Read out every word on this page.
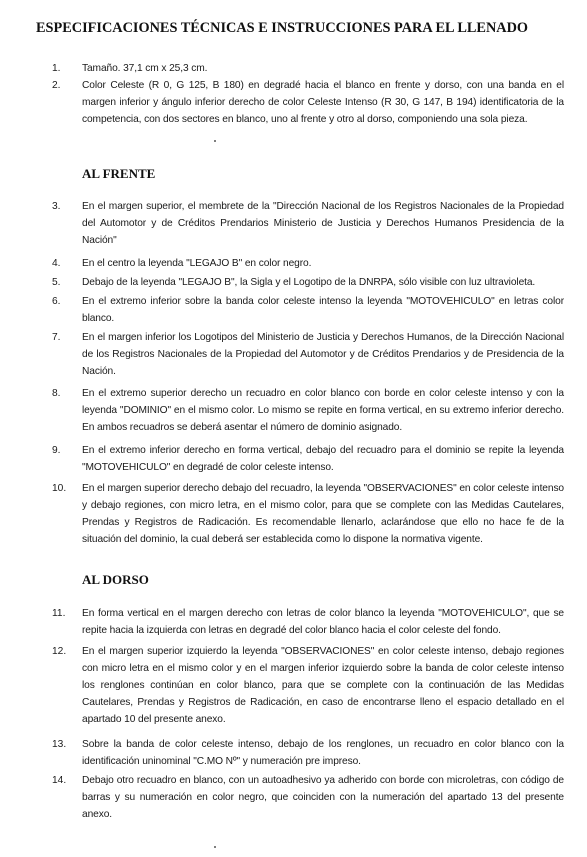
ESPECIFICACIONES TÉCNICAS E INSTRUCCIONES PARA EL LLENADO
1.	Tamaño. 37,1 cm x 25,3 cm.
2.	Color Celeste (R 0, G 125, B 180) en degradé hacia el blanco en frente y dorso, con una banda en el margen inferior y ángulo inferior derecho de color Celeste Intenso (R 30, G 147, B 194) identificatoria de la competencia, con dos sectores en blanco, uno al frente y otro al dorso, componiendo una sola pieza.
AL FRENTE
3.	En el margen superior, el membrete de la "Dirección Nacional de los Registros Nacionales de la Propiedad del Automotor y de Créditos Prendarios Ministerio de Justicia y Derechos Humanos Presidencia de la Nación"
4.	En el centro la leyenda "LEGAJO B" en color negro.
5.	Debajo de la leyenda "LEGAJO B", la Sigla y el Logotipo de la DNRPA, sólo visible con luz ultravioleta.
6.	En el extremo inferior sobre la banda color celeste intenso la leyenda "MOTOVEHICULO" en letras color blanco.
7.	En el margen inferior los Logotipos del Ministerio de Justicia y Derechos Humanos, de la Dirección Nacional de los Registros Nacionales de la Propiedad del Automotor y de Créditos Prendarios y de Presidencia de la Nación.
8.	En el extremo superior derecho un recuadro en color blanco con borde en color celeste intenso y con la leyenda "DOMINIO" en el mismo color. Lo mismo se repite en forma vertical, en su extremo inferior derecho. En ambos recuadros se deberá asentar el número de dominio asignado.
9.	En el extremo inferior derecho en forma vertical, debajo del recuadro para el dominio se repite la leyenda "MOTOVEHICULO" en degradé de color celeste intenso.
10.	En el margen superior derecho debajo del recuadro, la leyenda "OBSERVACIONES" en color celeste intenso y debajo regiones, con micro letra, en el mismo color, para que se complete con las Medidas Cautelares, Prendas y Registros de Radicación. Es recomendable llenarlo, aclarándose que ello no hace fe de la situación del dominio, la cual deberá ser establecida como lo dispone la normativa vigente.
AL DORSO
11.	En forma vertical en el margen derecho con letras de color blanco la leyenda "MOTOVEHICULO", que se repite hacia la izquierda con letras en degradé del color blanco hacia el color celeste del fondo.
12.	En el margen superior izquierdo la leyenda "OBSERVACIONES" en color celeste intenso, debajo regiones con micro letra en el mismo color y en el margen inferior izquierdo sobre la banda de color celeste intenso los renglones continúan en color blanco, para que se complete con la continuación de las Medidas Cautelares, Prendas y Registros de Radicación, en caso de encontrarse lleno el espacio detallado en el apartado 10 del presente anexo.
13.	Sobre la banda de color celeste intenso, debajo de los renglones, un recuadro en color blanco con la identificación uninominal "C.MO Nº" y numeración pre impreso.
14.	Debajo otro recuadro en blanco, con un autoadhesivo ya adherido con borde con microletras, con código de barras y su numeración en color negro, que coinciden con la numeración del apartado 13 del presente anexo.
